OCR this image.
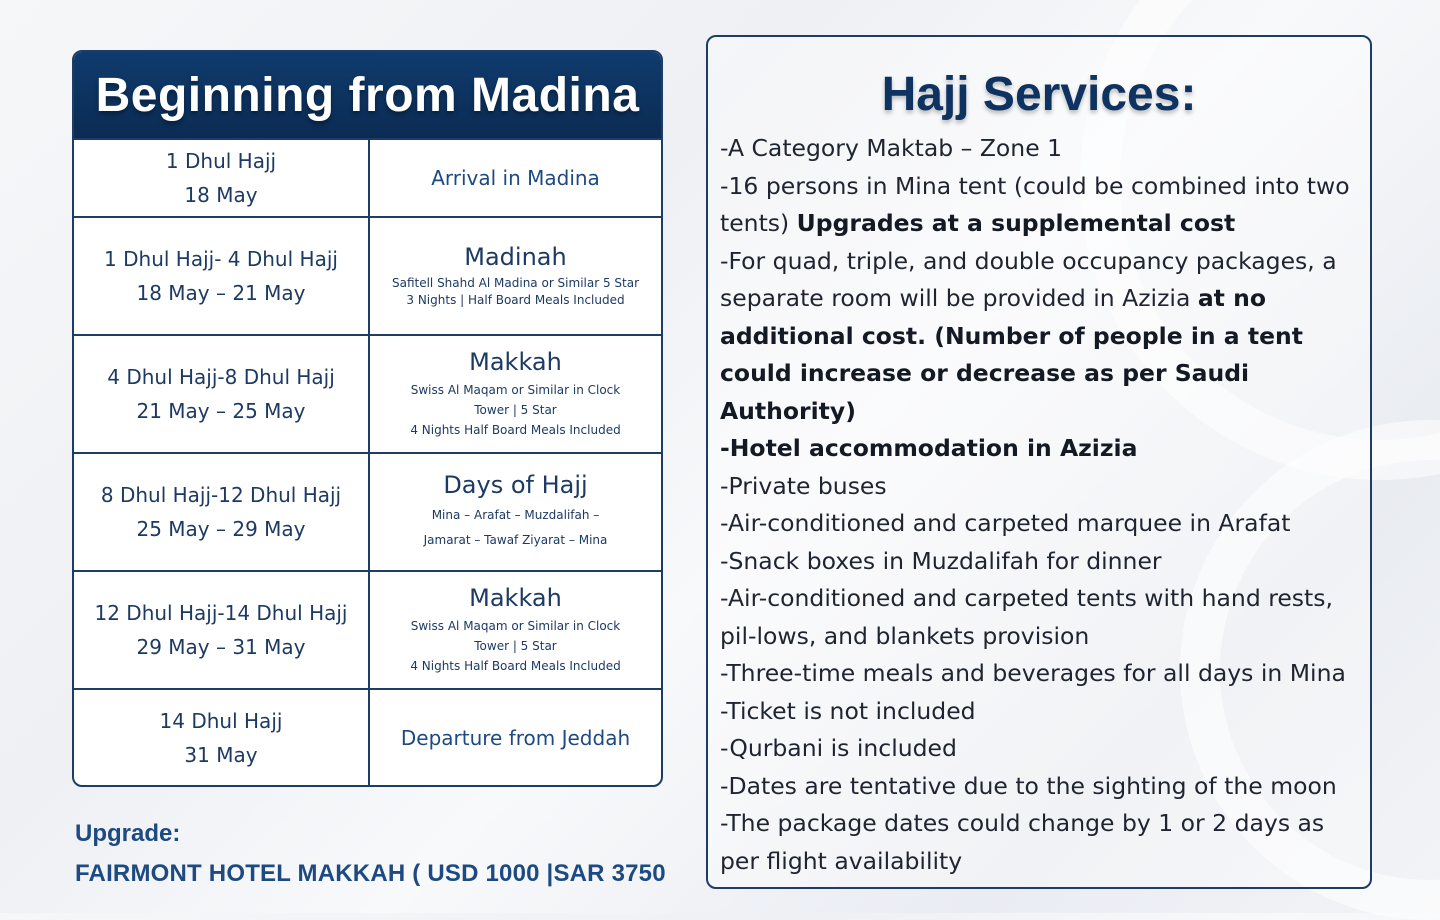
Beginning from Madina
1 Dhul Hajj
18 May
Arrival in Madina
1 Dhul Hajj- 4 Dhul Hajj
18 May – 21 May
Madinah
Safitell Shahd Al Madina or Similar 5 Star
3 Nights | Half Board Meals Included
4 Dhul Hajj-8 Dhul Hajj
21 May – 25 May
Makkah
Swiss Al Maqam or Similar in Clock
Tower | 5 Star
4 Nights Half Board Meals Included
8 Dhul Hajj-12 Dhul Hajj
25 May – 29 May
Days of Hajj
Mina – Arafat – Muzdalifah –
Jamarat – Tawaf Ziyarat – Mina
12 Dhul Hajj-14 Dhul Hajj
29 May – 31 May
Makkah
Swiss Al Maqam or Similar in Clock
Tower | 5 Star
4 Nights Half Board Meals Included
14 Dhul Hajj
31 May
Departure from Jeddah
Upgrade:
FAIRMONT HOTEL MAKKAH ( USD 1000 |SAR 3750
Hajj Services:

-A Category Maktab – Zone 1

-16 persons in Mina tent (could be combined into two tents) Upgrades at a supplemental cost

-For quad, triple, and double occupancy packages, a separate room will be provided in Azizia at no additional cost. (Number of people in a tent could increase or decrease as per Saudi Authority)

-Hotel accommodation in Azizia

-Private buses

-Air-conditioned and carpeted marquee in Arafat

-Snack boxes in Muzdalifah for dinner

-Air-conditioned and carpeted tents with hand rests, pil-lows, and blankets provision

-Three-time meals and beverages for all days in Mina

-Ticket is not included

-Qurbani is included

-Dates are tentative due to the sighting of the moon

-The package dates could change by 1 or 2 days as per flight availability
